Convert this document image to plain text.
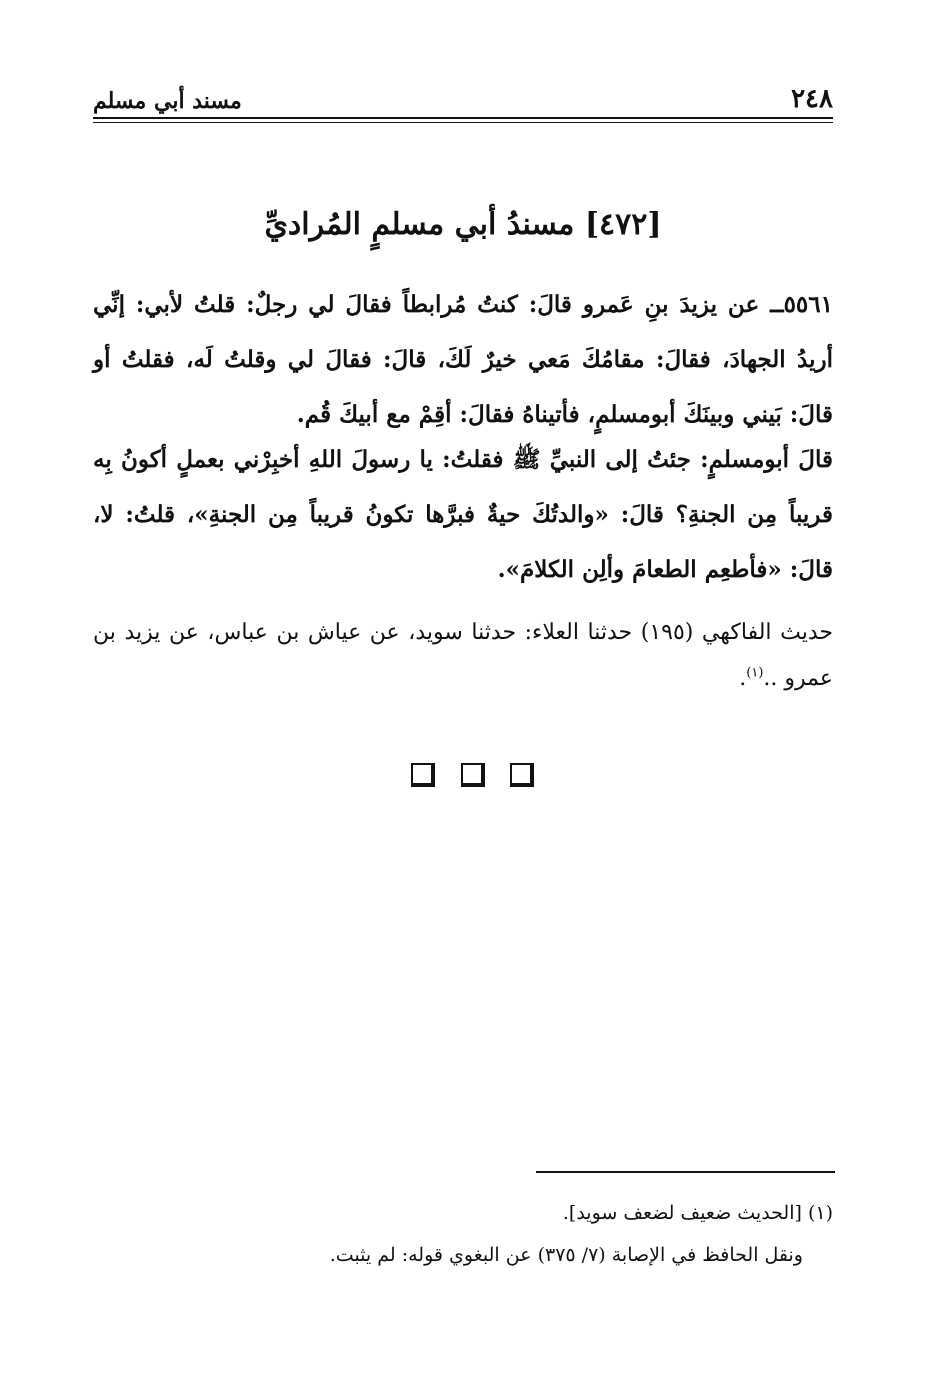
٢٤٨
مسند أبي مسلم
[٤٧٢] مسندُ أبي مسلمٍ المُراديِّ
٥٥٦١ــ عن يزيدَ بنِ عَمرو قالَ: كنتُ مُرابطاً فقالَ لي رجلٌ: قلتُ لأبي: إنِّي أريدُ الجهادَ، فقالَ: مقامُكَ مَعي خيرٌ لَكَ، قالَ: فقالَ لي وقلتُ لَه، فقلتُ أو قالَ: بَيني وبينَكَ أبومسلمٍ، فأتيناهُ فقالَ: أقِمْ مع أبيكَ قُم.
قالَ أبومسلمٍ: جئتُ إلى النبيِّ ﷺ فقلتُ: يا رسولَ اللهِ أخبِرْني بعملٍ أكونُ بِه قريباً مِن الجنةِ؟ قالَ: «والدتُكَ حيةٌ فبرَّها تكونُ قريباً مِن الجنةِ»، قلتُ: لا، قالَ: «فأطعِم الطعامَ وألِن الكلامَ».
حديث الفاكهي (١٩٥) حدثنا العلاء: حدثنا سويد، عن عياش بن عباس، عن يزيد بن عمرو ..$^{(١)}$.

(١) [الحديث ضعيف لضعف سويد].
ونقل الحافظ في الإصابة (٧/ ٣٧٥) عن البغوي قوله: لم يثبت.
